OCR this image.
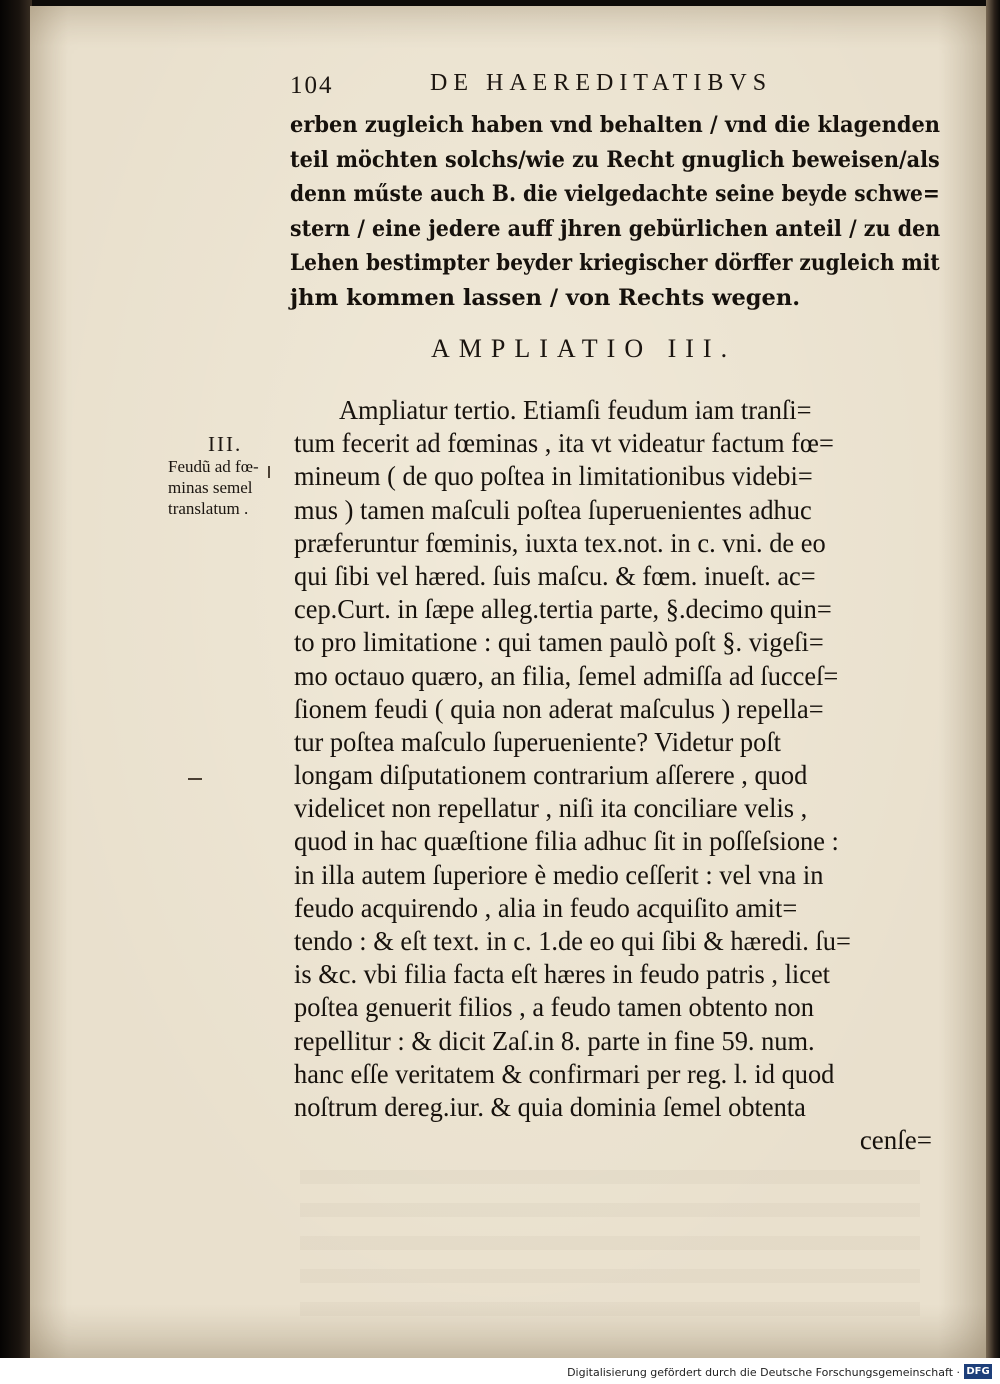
104	DE HAEREDITATIBVS
erben zugleich haben vnd behalten / vnd die klagenden
teil möchten solchs/wie zu Recht gnuglich beweisen/als
denn műste auch B. die vielgedachte seine beyde schwe=
stern / eine jedere auff jhren gebürlichen anteil / zu den
Lehen bestimpter beyder kriegischer dörffer zugleich mit
jhm kommen lassen / von Rechts wegen.
AMPLIATIO III.
III.
Feudũ ad fœ-
minas semel
translatum .
Ampliatur tertio. Etiamſi feudum iam tranſi=
tum fecerit ad fœminas , ita vt videatur factum fœ=
mineum ( de quo poſtea in limitationibus videbi=
mus ) tamen maſculi poſtea ſuperuenientes adhuc
præferuntur fœminis, iuxta tex.not. in c. vni. de eo
qui ſibi vel hæred. ſuis maſcu. & fœm. inueſt. ac=
cep.Curt. in ſæpe alleg.tertia parte, §.decimo quin=
to pro limitatione : qui tamen paulò poſt §. vigeſi=
mo octauo quæro, an filia, ſemel admiſſa ad ſucceſ=
ſionem feudi ( quia non aderat maſculus ) repella=
tur poſtea maſculo ſuperueniente? Videtur poſt
longam diſputationem contrarium aſſerere , quod
videlicet non repellatur , niſi ita conciliare velis ,
quod in hac quæſtione filia adhuc ſit in poſſeſsione :
in illa autem ſuperiore è medio ceſſerit : vel vna in
feudo acquirendo , alia in feudo acquiſito amit=
tendo : & eſt text. in c. 1.de eo qui ſibi & hæredi. ſu=
is &c. vbi filia facta eſt hæres in feudo patris , licet
poſtea genuerit filios , a feudo tamen obtento non
repellitur : & dicit Zaſ.in 8. parte in fine 59. num.
hanc eſſe veritatem & confirmari per reg. l. id quod
noſtrum dereg.iur. & quia dominia ſemel obtenta
cenſe=
Digitalisierung gefördert durch die Deutsche Forschungsgemeinschaft · DFG
